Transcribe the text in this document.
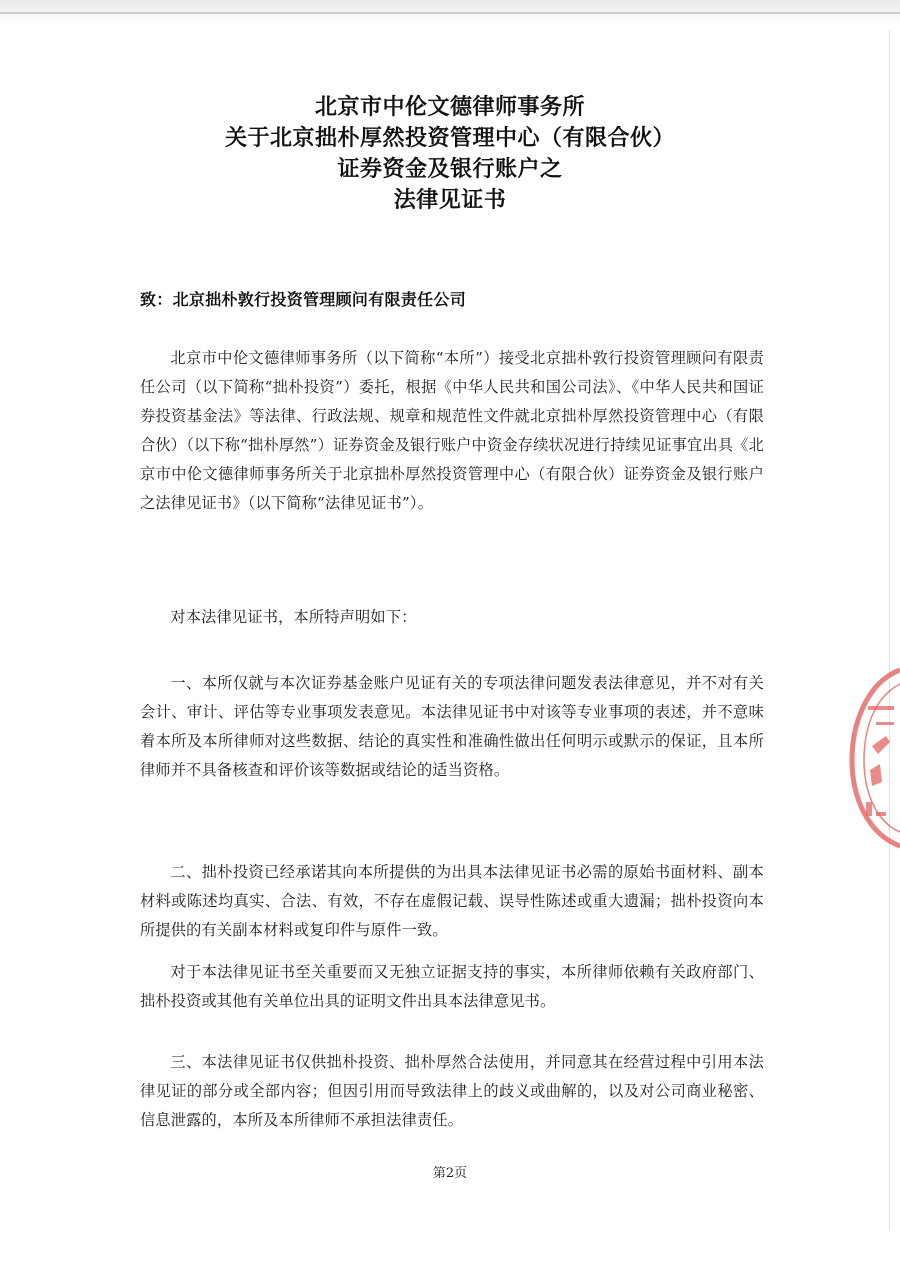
北京市中伦文德律师事务所
关于北京拙朴厚然投资管理中心（有限合伙）
证券资金及银行账户之
法律见证书
致：北京拙朴敦行投资管理顾问有限责任公司

北京市中伦文德律师事务所（以下简称“本所”）接受北京拙朴敦行投资管理顾问有限责任公司（以下简称“拙朴投资”）委托，根据《中华人民共和国公司法》、《中华人民共和国证券投资基金法》等法律、行政法规、规章和规范性文件就北京拙朴厚然投资管理中心（有限合伙）（以下称“拙朴厚然”）证券资金及银行账户中资金存续状况进行持续见证事宜出具《北京市中伦文德律师事务所关于北京拙朴厚然投资管理中心（有限合伙）证券资金及银行账户之法律见证书》（以下简称“法律见证书”）。

对本法律见证书，本所特声明如下：

一、本所仅就与本次证券基金账户见证有关的专项法律问题发表法律意见，并不对有关会计、审计、评估等专业事项发表意见。本法律见证书中对该等专业事项的表述，并不意味着本所及本所律师对这些数据、结论的真实性和准确性做出任何明示或默示的保证，且本所律师并不具备核查和评价该等数据或结论的适当资格。

二、拙朴投资已经承诺其向本所提供的为出具本法律见证书必需的原始书面材料、副本材料或陈述均真实、合法、有效，不存在虚假记载、误导性陈述或重大遗漏；拙朴投资向本所提供的有关副本材料或复印件与原件一致。

对于本法律见证书至关重要而又无独立证据支持的事实，本所律师依赖有关政府部门、拙朴投资或其他有关单位出具的证明文件出具本法律意见书。

三、本法律见证书仅供拙朴投资、拙朴厚然合法使用，并同意其在经营过程中引用本法律见证的部分或全部内容；但因引用而导致法律上的歧义或曲解的，以及对公司商业秘密、信息泄露的，本所及本所律师不承担法律责任。

第2页
